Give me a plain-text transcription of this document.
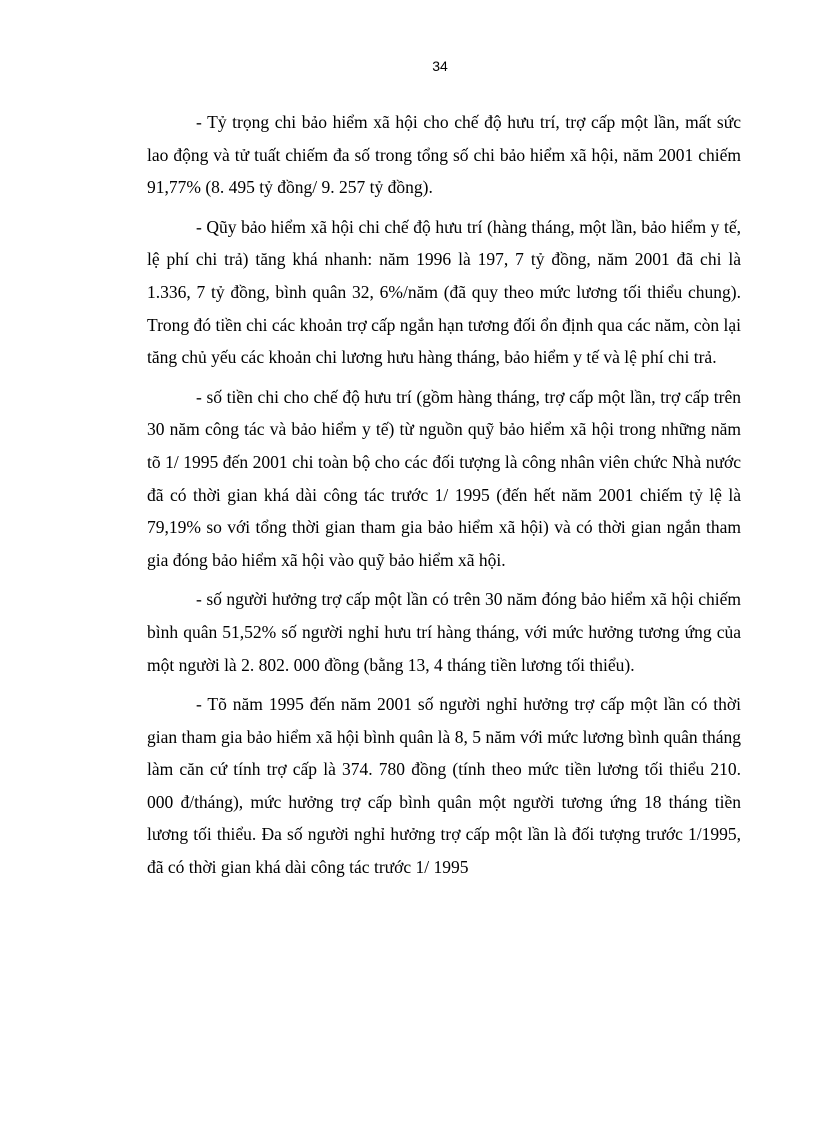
34

- Tỷ trọng chi bảo hiểm xã hội cho chế độ hưu trí, trợ cấp một lần, mất sức lao động và tử tuất chiếm đa số trong tổng số chi bảo hiểm xã hội, năm 2001 chiếm 91,77% (8. 495 tỷ đồng/ 9. 257 tỷ đồng).

- Qũy bảo hiểm xã hội chi chế độ hưu trí (hàng tháng, một lần, bảo hiểm y tế, lệ phí chi trả) tăng khá nhanh: năm 1996 là 197, 7 tỷ đồng, năm 2001 đã chi là 1.336, 7 tỷ đồng, bình quân 32, 6%/năm (đã quy theo mức lương tối thiểu chung). Trong đó tiền chi các khoản trợ cấp ngắn hạn tương đối ổn định qua các năm, còn lại tăng chủ yếu các khoản chi lương hưu hàng tháng, bảo hiểm y tế và lệ phí chi trả.

- số tiền chi cho chế độ hưu trí (gồm hàng tháng, trợ cấp một lần, trợ cấp trên 30 năm công tác và bảo hiểm y tế) từ nguồn quỹ bảo hiểm xã hội trong những năm tõ 1/ 1995 đến 2001 chi toàn bộ cho các đối tượng là công nhân viên chức Nhà nước đã có thời gian khá dài công tác trước 1/ 1995 (đến hết năm 2001 chiếm tỷ lệ là 79,19% so với tổng thời gian tham gia bảo hiểm xã hội) và có thời gian ngắn tham gia đóng bảo hiểm xã hội vào quỹ bảo hiểm xã hội.

- số người hưởng trợ cấp một lần có trên 30 năm đóng bảo hiểm xã hội chiếm bình quân 51,52% số người nghỉ hưu trí hàng tháng, với mức hưởng tương ứng của một người là 2. 802. 000 đồng (bằng 13, 4 tháng tiền lương tối thiểu).

- Tõ năm 1995 đến năm 2001 số người nghỉ hưởng trợ cấp một lần có thời gian tham gia bảo hiểm xã hội bình quân là 8, 5 năm với mức lương bình quân tháng làm căn cứ tính trợ cấp là 374. 780 đồng (tính theo mức tiền lương tối thiểu 210. 000 đ/tháng), mức hưởng trợ cấp bình quân một người tương ứng 18 tháng tiền lương tối thiểu. Đa số người nghỉ hưởng trợ cấp một lần là đối tượng trước 1/1995, đã có thời gian khá dài công tác trước 1/ 1995
